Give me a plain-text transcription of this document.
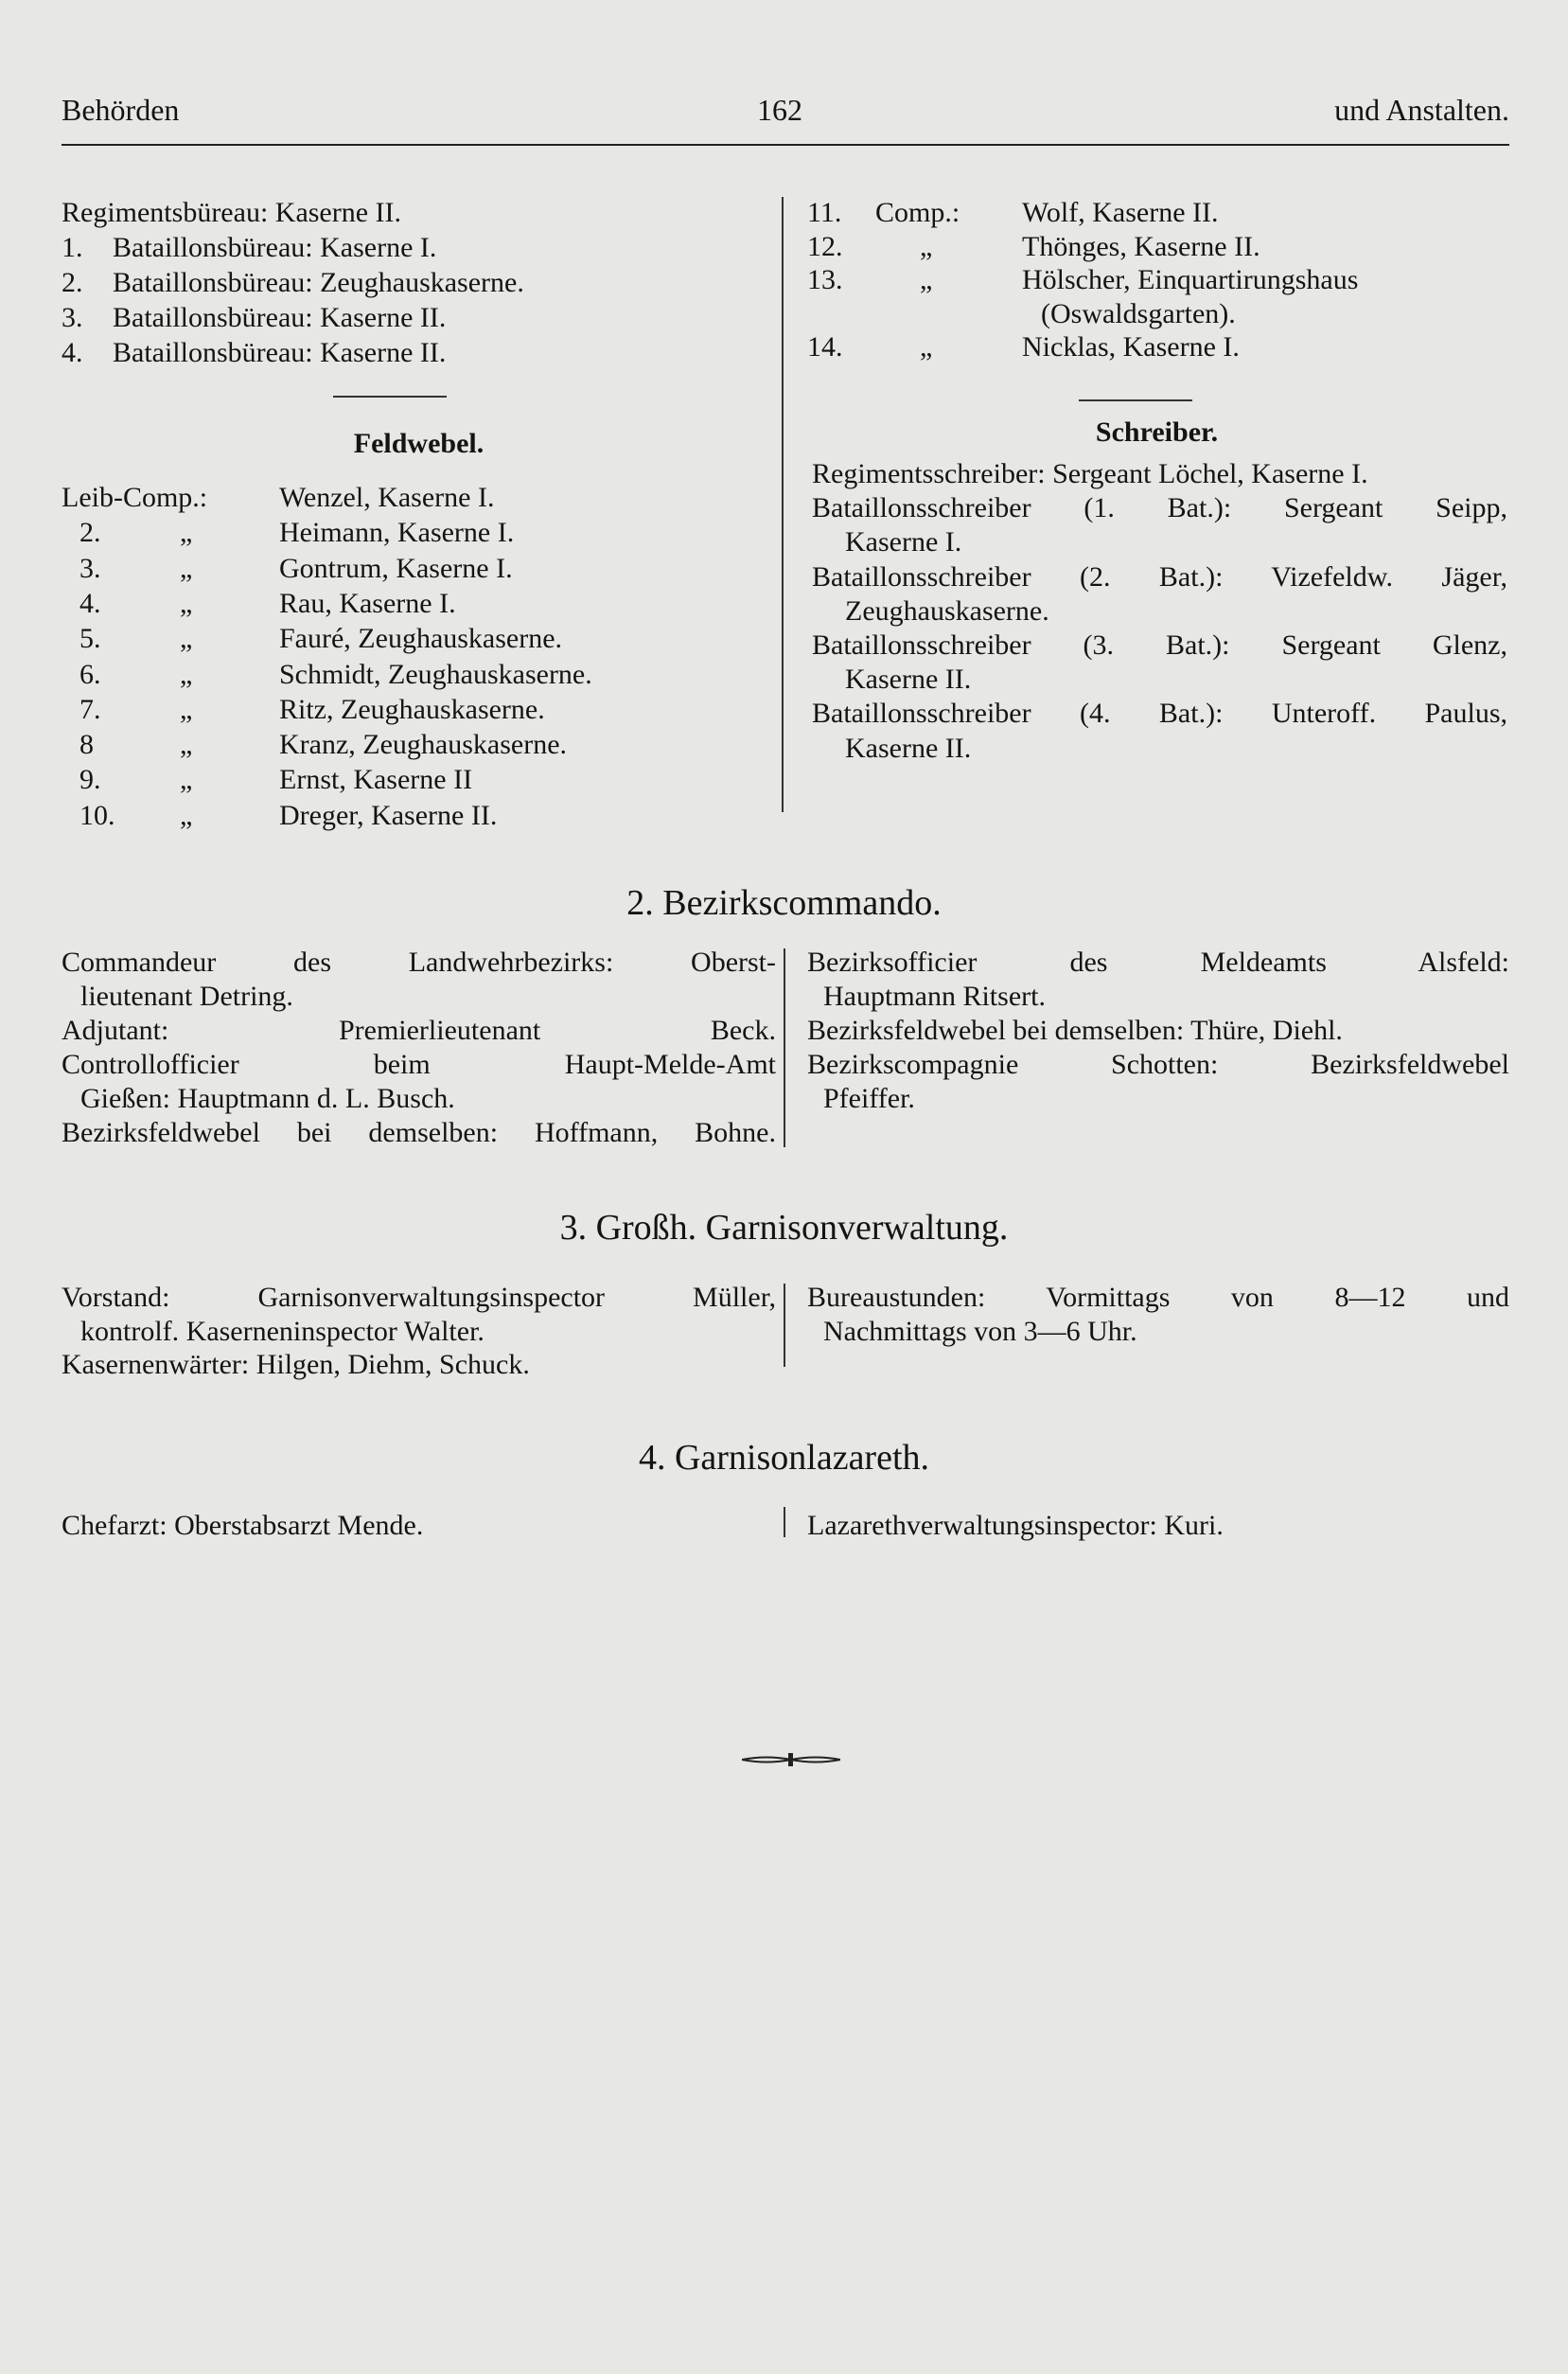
Behörden	162	und Anstalten.
Regimentsbüreau: Kaserne II.
1. Bataillonsbüreau: Kaserne I.
2. Bataillonsbüreau: Zeughauskaserne.
3. Bataillonsbüreau: Kaserne II.
4. Bataillonsbüreau: Kaserne II.
Feldwebel.
Leib-Comp.:	Wenzel, Kaserne I.
2.	„	Heimann, Kaserne I.
3.	„	Gontrum, Kaserne I.
4.	„	Rau, Kaserne I.
5.	„	Fauré, Zeughauskaserne.
6.	„	Schmidt, Zeughauskaserne.
7.	„	Ritz, Zeughauskaserne.
8	„	Kranz, Zeughauskaserne.
9.	„	Ernst, Kaserne II
10. „	Dreger, Kaserne II.
11. Comp.: Wolf, Kaserne II.
12.	„	Thönges, Kaserne II.
13.	„	Hölscher, Einquartirungshaus
(Oswaldsgarten).
14.	„	Nicklas, Kaserne I.
Schreiber.
Regimentsschreiber: Sergeant Löchel, Kaserne I.
Bataillonsschreiber (1. Bat.): Sergeant Seipp,
Kaserne I.
Bataillonsschreiber (2. Bat.): Vizefeldw. Jäger,
Zeughauskaserne.
Bataillonsschreiber (3. Bat.): Sergeant Glenz,
Kaserne II.
Bataillonsschreiber (4. Bat.): Unteroff. Paulus,
Kaserne II.
2. Bezirkscommando.
Commandeur des Landwehrbezirks: Oberst-
lieutenant Detring.
Adjutant: Premierlieutenant Beck.
Controllofficier beim Haupt-Melde-Amt
Gießen: Hauptmann d. L. Busch.
Bezirksfeldwebel bei demselben: Hoffmann, Bohne.
Bezirksofficier des Meldeamts Alsfeld:
Hauptmann Ritsert.
Bezirksfeldwebel bei demselben: Thüre, Diehl.
Bezirkscompagnie Schotten: Bezirksfeldwebel
Pfeiffer.
3. Großh. Garnisonverwaltung.
Vorstand: Garnisonverwaltungsinspector Müller,
kontrolf. Kaserneninspector Walter.
Kasernenwärter: Hilgen, Diehm, Schuck.
Bureaustunden: Vormittags von 8—12 und
Nachmittags von 3—6 Uhr.
4. Garnisonlazareth.
Chefarzt: Oberstabsarzt Mende.	Lazarethverwaltungsinspector: Kuri.
